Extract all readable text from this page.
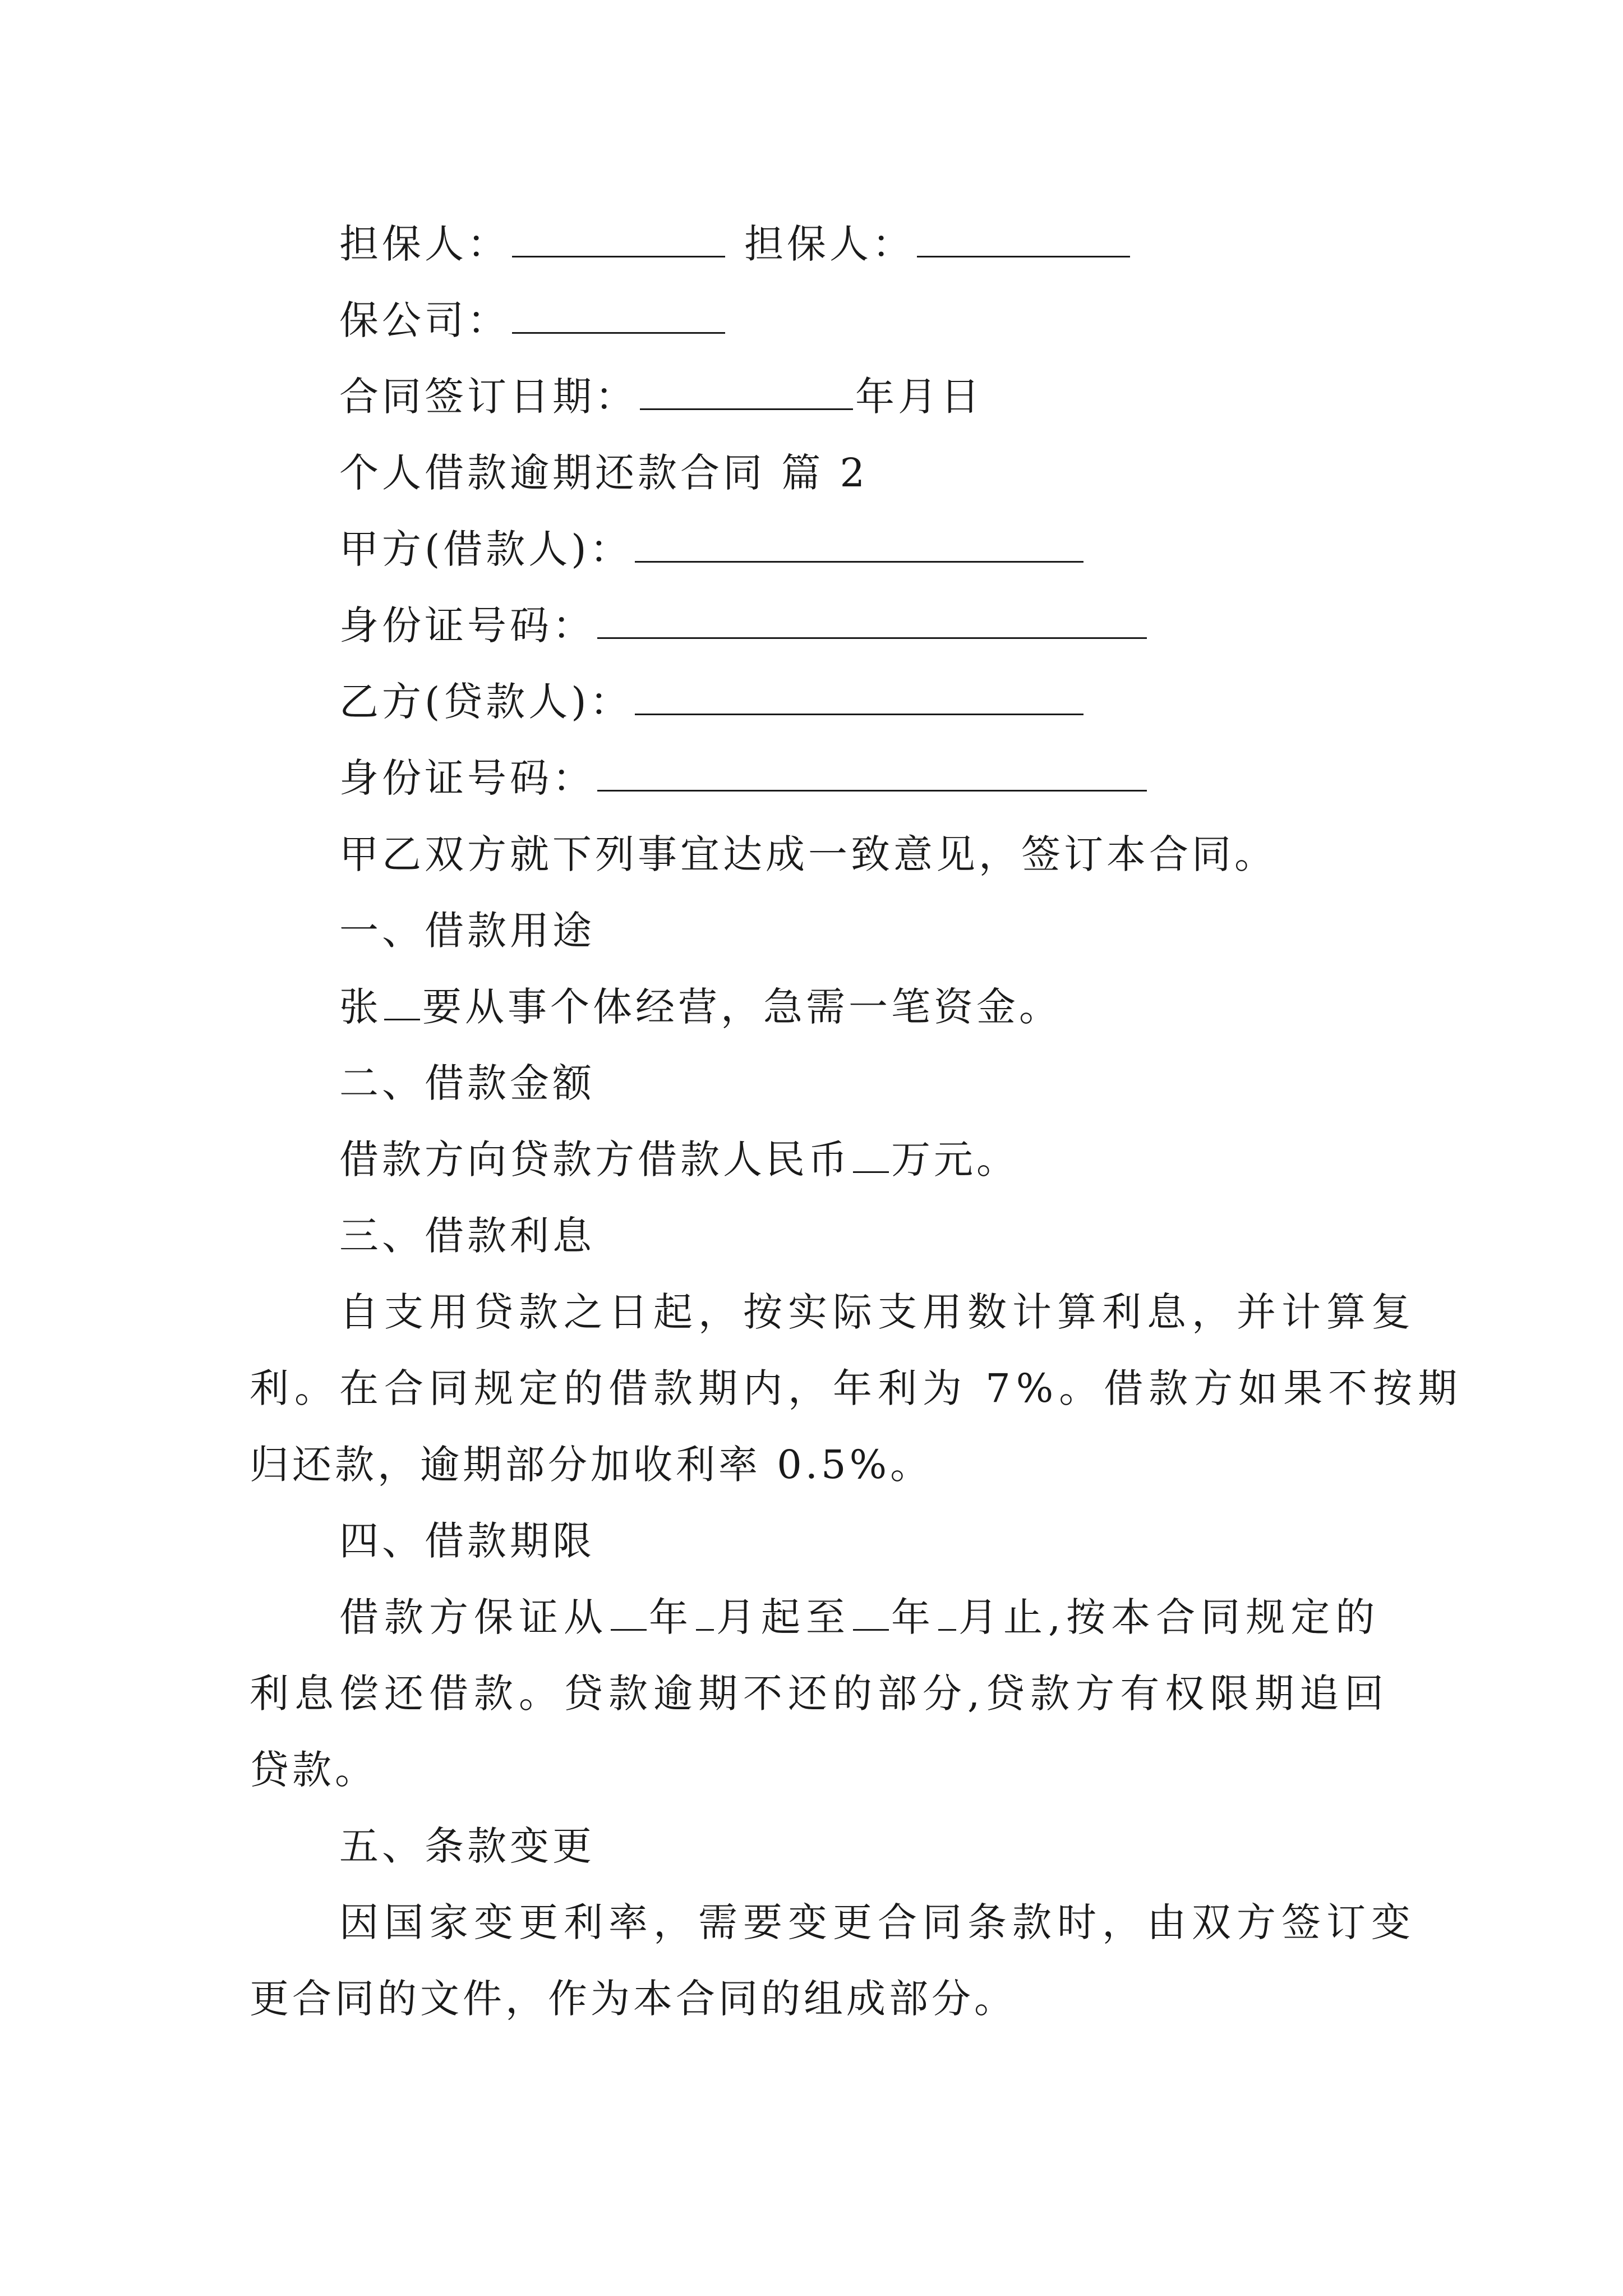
担保人：	担保人：
保公司：
合同签订日期：	年月日
个人借款逾期还款合同 篇 2
甲方(借款人)：
身份证号码：
乙方(贷款人)：
身份证号码：
甲乙双方就下列事宜达成一致意见，签订本合同。
一、借款用途
张 要从事个体经营，急需一笔资金。
二、借款金额
借款方向贷款方借款人民币 万元。
三、借款利息
自支用贷款之日起，按实际支用数计算利息，并计算复
利。在合同规定的借款期内，年利为 7%。借款方如果不按期
归还款，逾期部分加收利率 0.5%。
四、借款期限
借款方保证从 年 月起至 年 月止,按本合同规定的
利息偿还借款。贷款逾期不还的部分,贷款方有权限期追回
贷款。
五、条款变更
因国家变更利率，需要变更合同条款时，由双方签订变
更合同的文件，作为本合同的组成部分。
